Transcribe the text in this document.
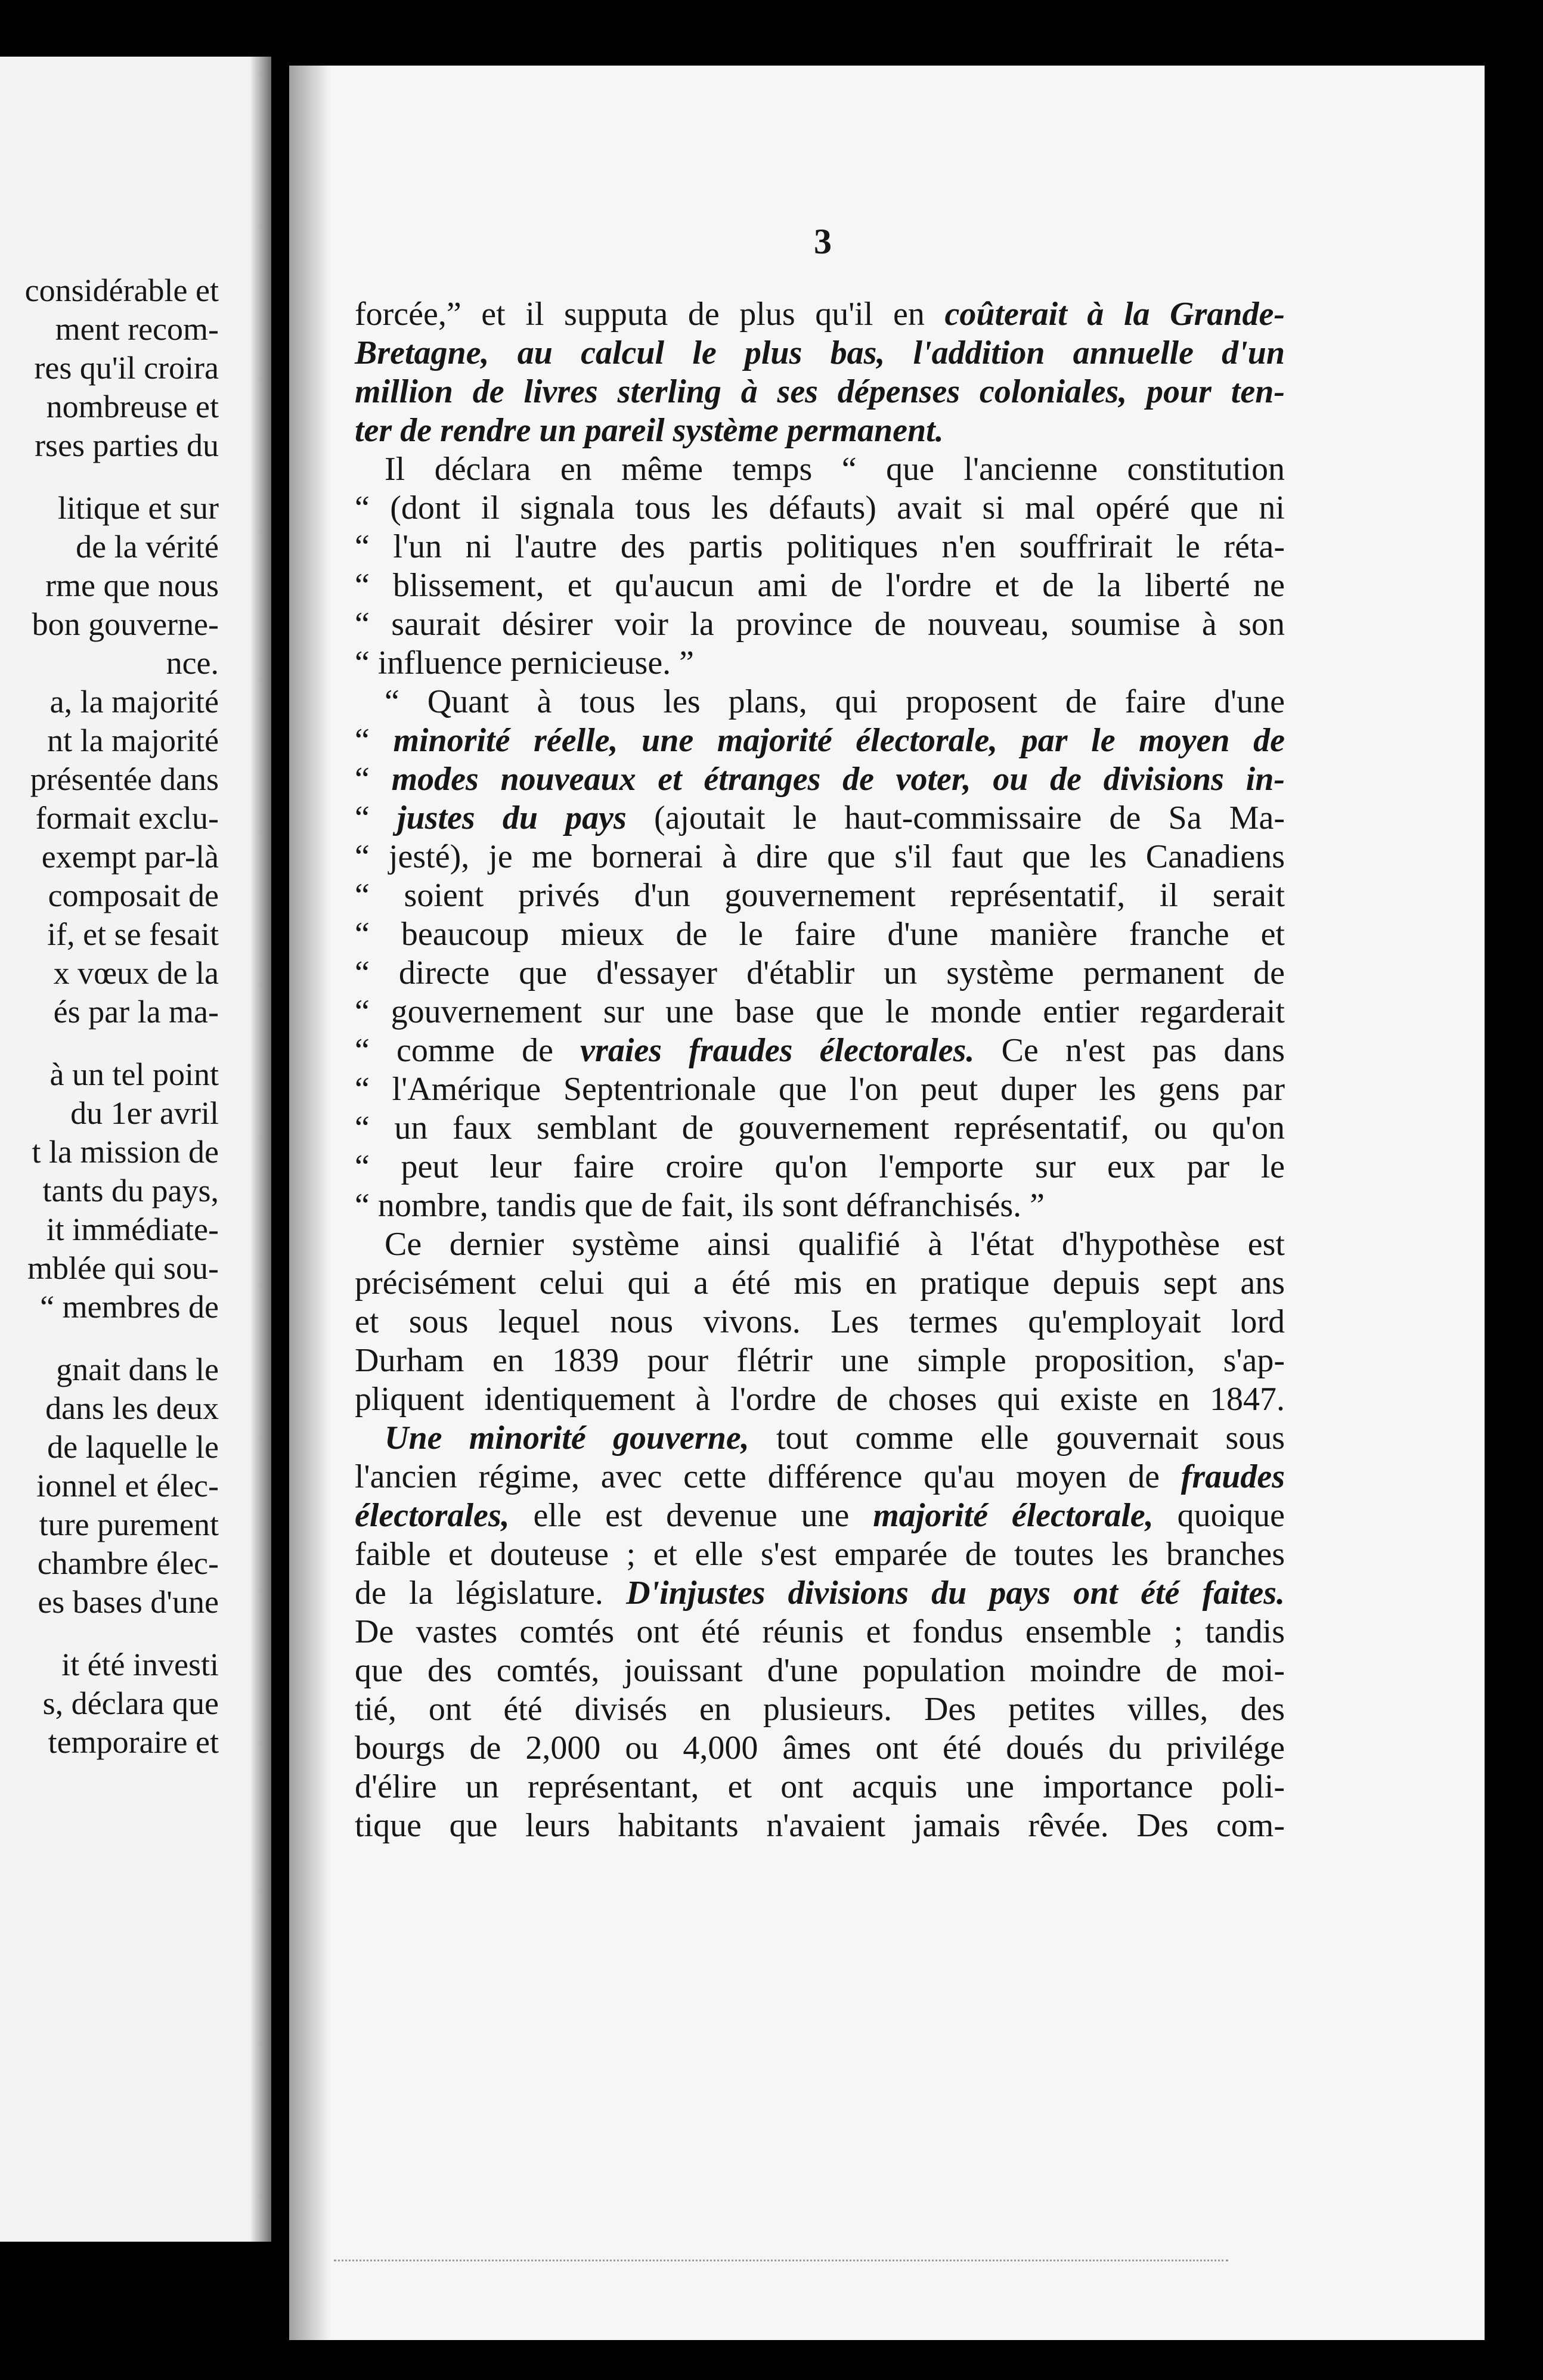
considérable et
ment recom-
res qu'il croira
nombreuse et
rses parties du
litique et sur
de la vérité
rme que nous
bon gouverne-
nce.
a, la majorité
nt la majorité
présentée dans
formait exclu-
exempt par-là
composait de
if, et se fesait
x vœux de la
és par la ma-
à un tel point
du 1er avril
t la mission de
tants du pays,
it immédiate-
mblée qui sou-
“ membres de
gnait dans le
dans les deux
de laquelle le
ionnel et élec-
ture purement
chambre élec-
es bases d'une
it été investi
s, déclara que
temporaire et
3
forcée,” et il supputa de plus qu'il en coûterait à la Grande-
Bretagne, au calcul le plus bas, l'addition annuelle d'un
million de livres sterling à ses dépenses coloniales, pour ten-
ter de rendre un pareil système permanent.
Il déclara en même temps “ que l'ancienne constitution
“ (dont il signala tous les défauts) avait si mal opéré que ni
“ l'un ni l'autre des partis politiques n'en souffrirait le réta-
“ blissement, et qu'aucun ami de l'ordre et de la liberté ne
“ saurait désirer voir la province de nouveau, soumise à son
“ influence pernicieuse. ”
“ Quant à tous les plans, qui proposent de faire d'une
“ minorité réelle, une majorité électorale, par le moyen de
“ modes nouveaux et étranges de voter, ou de divisions in-
“ justes du pays (ajoutait le haut-commissaire de Sa Ma-
“ jesté), je me bornerai à dire que s'il faut que les Canadiens
“ soient privés d'un gouvernement représentatif, il serait
“ beaucoup mieux de le faire d'une manière franche et
“ directe que d'essayer d'établir un système permanent de
“ gouvernement sur une base que le monde entier regarderait
“ comme de vraies fraudes électorales. Ce n'est pas dans
“ l'Amérique Septentrionale que l'on peut duper les gens par
“ un faux semblant de gouvernement représentatif, ou qu'on
“ peut leur faire croire qu'on l'emporte sur eux par le
“ nombre, tandis que de fait, ils sont défranchisés. ”
Ce dernier système ainsi qualifié à l'état d'hypothèse est
précisément celui qui a été mis en pratique depuis sept ans
et sous lequel nous vivons. Les termes qu'employait lord
Durham en 1839 pour flétrir une simple proposition, s'ap-
pliquent identiquement à l'ordre de choses qui existe en 1847.
Une minorité gouverne, tout comme elle gouvernait sous
l'ancien régime, avec cette différence qu'au moyen de fraudes
électorales, elle est devenue une majorité électorale, quoique
faible et douteuse ; et elle s'est emparée de toutes les branches
de la législature. D'injustes divisions du pays ont été faites.
De vastes comtés ont été réunis et fondus ensemble ; tandis
que des comtés, jouissant d'une population moindre de moi-
tié, ont été divisés en plusieurs. Des petites villes, des
bourgs de 2,000 ou 4,000 âmes ont été doués du privilége
d'élire un représentant, et ont acquis une importance poli-
tique que leurs habitants n'avaient jamais rêvée. Des com-
